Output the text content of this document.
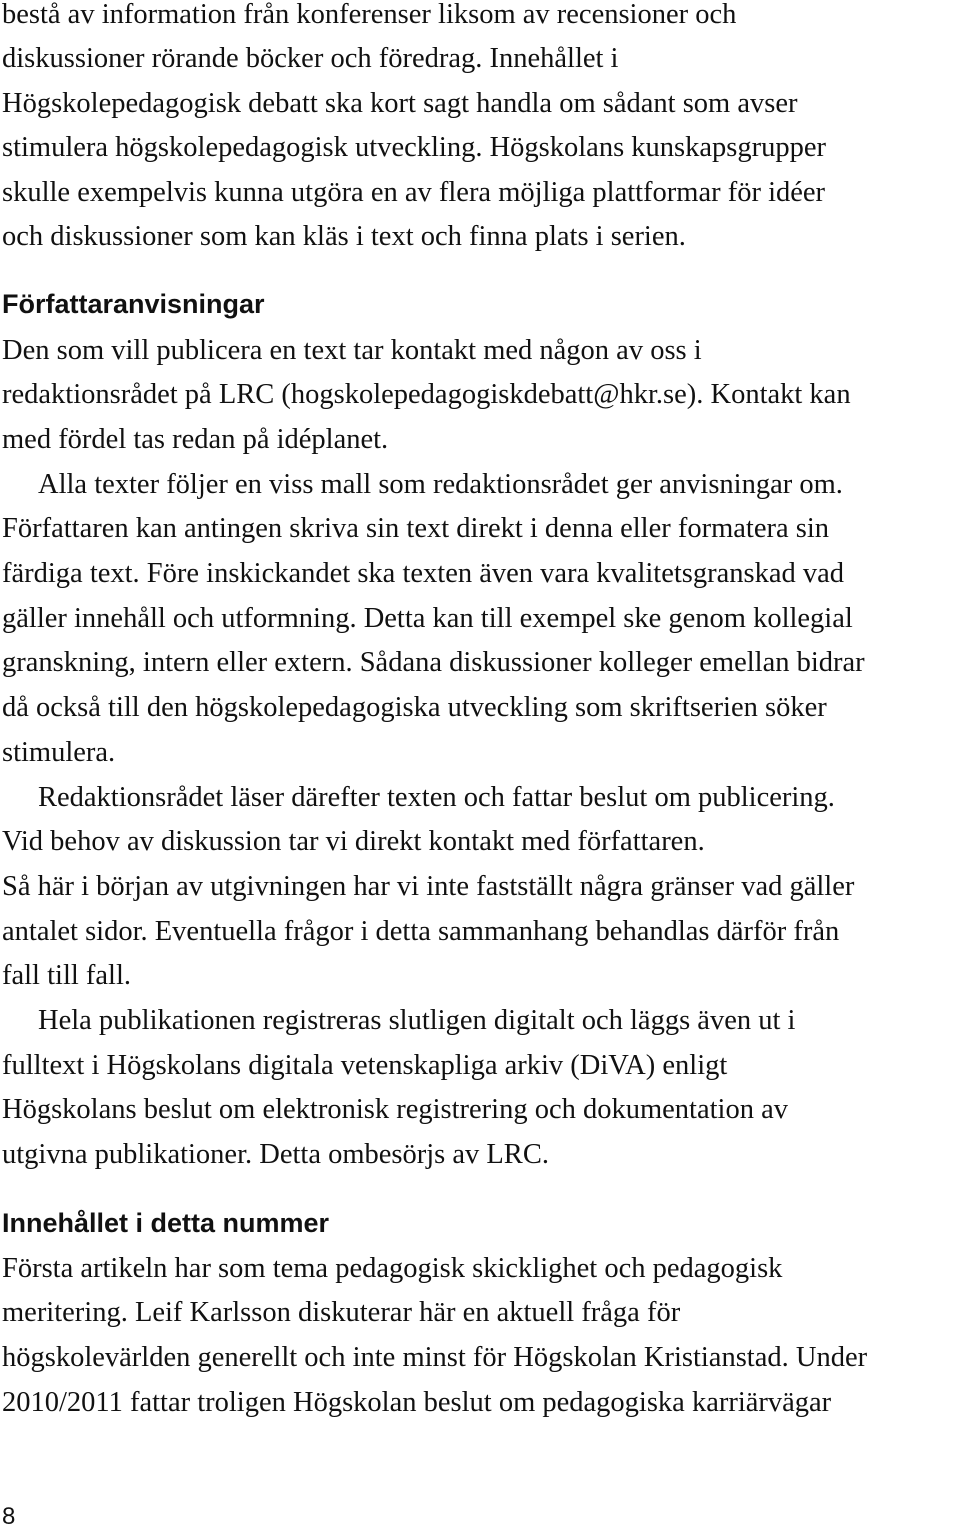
bestå av information från konferenser liksom av recensioner och
diskussioner rörande böcker och föredrag. Innehållet i
Högskolepedagogisk debatt ska kort sagt handla om sådant som avser
stimulera högskolepedagogisk utveckling. Högskolans kunskapsgrupper
skulle exempelvis kunna utgöra en av flera möjliga plattformar för idéer
och diskussioner som kan kläs i text och finna plats i serien.
Författaranvisningar
Den som vill publicera en text tar kontakt med någon av oss i
redaktionsrådet på LRC (hogskolepedagogiskdebatt@hkr.se). Kontakt kan
med fördel tas redan på idéplanet.
Alla texter följer en viss mall som redaktionsrådet ger anvisningar om.
Författaren kan antingen skriva sin text direkt i denna eller formatera sin
färdiga text. Före inskickandet ska texten även vara kvalitetsgranskad vad
gäller innehåll och utformning. Detta kan till exempel ske genom kollegial
granskning, intern eller extern. Sådana diskussioner kolleger emellan bidrar
då också till den högskolepedagogiska utveckling som skriftserien söker
stimulera.
Redaktionsrådet läser därefter texten och fattar beslut om publicering.
Vid behov av diskussion tar vi direkt kontakt med författaren.
Så här i början av utgivningen har vi inte fastställt några gränser vad gäller
antalet sidor. Eventuella frågor i detta sammanhang behandlas därför från
fall till fall.
Hela publikationen registreras slutligen digitalt och läggs även ut i
fulltext i Högskolans digitala vetenskapliga arkiv (DiVA) enligt
Högskolans beslut om elektronisk registrering och dokumentation av
utgivna publikationer. Detta ombesörjs av LRC.
Innehållet i detta nummer
Första artikeln har som tema pedagogisk skicklighet och pedagogisk
meritering. Leif Karlsson diskuterar här en aktuell fråga för
högskolevärlden generellt och inte minst för Högskolan Kristianstad. Under
2010/2011 fattar troligen Högskolan beslut om pedagogiska karriärvägar
8
